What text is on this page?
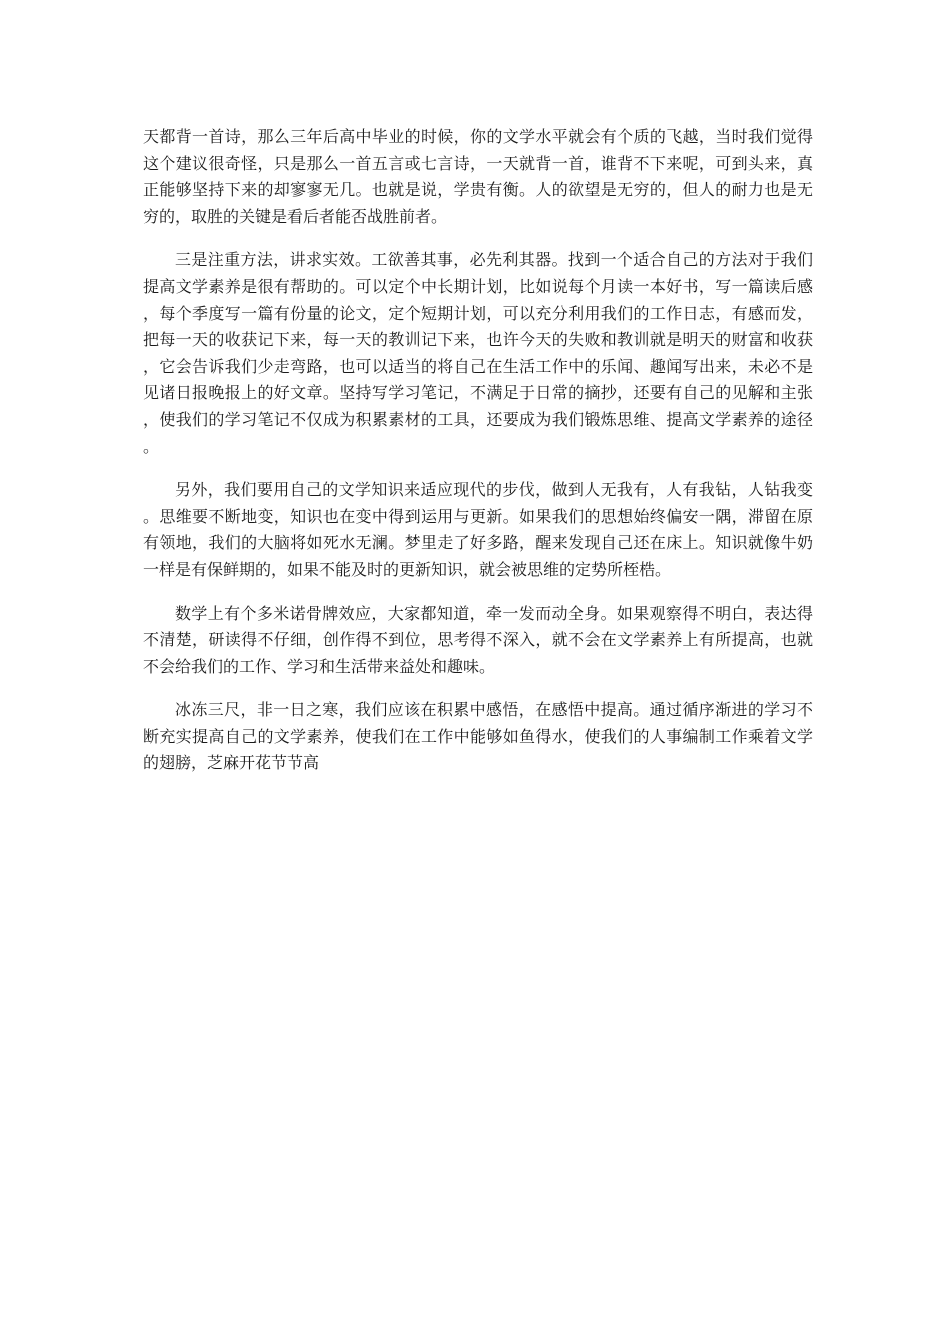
天都背一首诗，那么三年后高中毕业的时候，你的文学水平就会有个质的飞越，当时我们觉得这个建议很奇怪，只是那么一首五言或七言诗，一天就背一首，谁背不下来呢，可到头来，真正能够坚持下来的却寥寥无几。也就是说，学贵有衡。人的欲望是无穷的，但人的耐力也是无穷的，取胜的关键是看后者能否战胜前者。

三是注重方法，讲求实效。工欲善其事，必先利其器。找到一个适合自己的方法对于我们提高文学素养是很有帮助的。可以定个中长期计划，比如说每个月读一本好书，写一篇读后感，每个季度写一篇有份量的论文，定个短期计划，可以充分利用我们的工作日志，有感而发，把每一天的收获记下来，每一天的教训记下来，也许今天的失败和教训就是明天的财富和收获，它会告诉我们少走弯路，也可以适当的将自己在生活工作中的乐闻、趣闻写出来，未必不是见诸日报晚报上的好文章。坚持写学习笔记，不满足于日常的摘抄，还要有自己的见解和主张，使我们的学习笔记不仅成为积累素材的工具，还要成为我们锻炼思维、提高文学素养的途径。

另外，我们要用自己的文学知识来适应现代的步伐，做到人无我有，人有我钻，人钻我变。思维要不断地变，知识也在变中得到运用与更新。如果我们的思想始终偏安一隅，滞留在原有领地，我们的大脑将如死水无澜。梦里走了好多路，醒来发现自己还在床上。知识就像牛奶一样是有保鲜期的，如果不能及时的更新知识，就会被思维的定势所桎梏。

数学上有个多米诺骨牌效应，大家都知道，牵一发而动全身。如果观察得不明白，表达得不清楚，研读得不仔细，创作得不到位，思考得不深入，就不会在文学素养上有所提高，也就不会给我们的工作、学习和生活带来益处和趣味。

冰冻三尺，非一日之寒，我们应该在积累中感悟，在感悟中提高。通过循序渐进的学习不断充实提高自己的文学素养，使我们在工作中能够如鱼得水，使我们的人事编制工作乘着文学的翅膀，芝麻开花节节高
